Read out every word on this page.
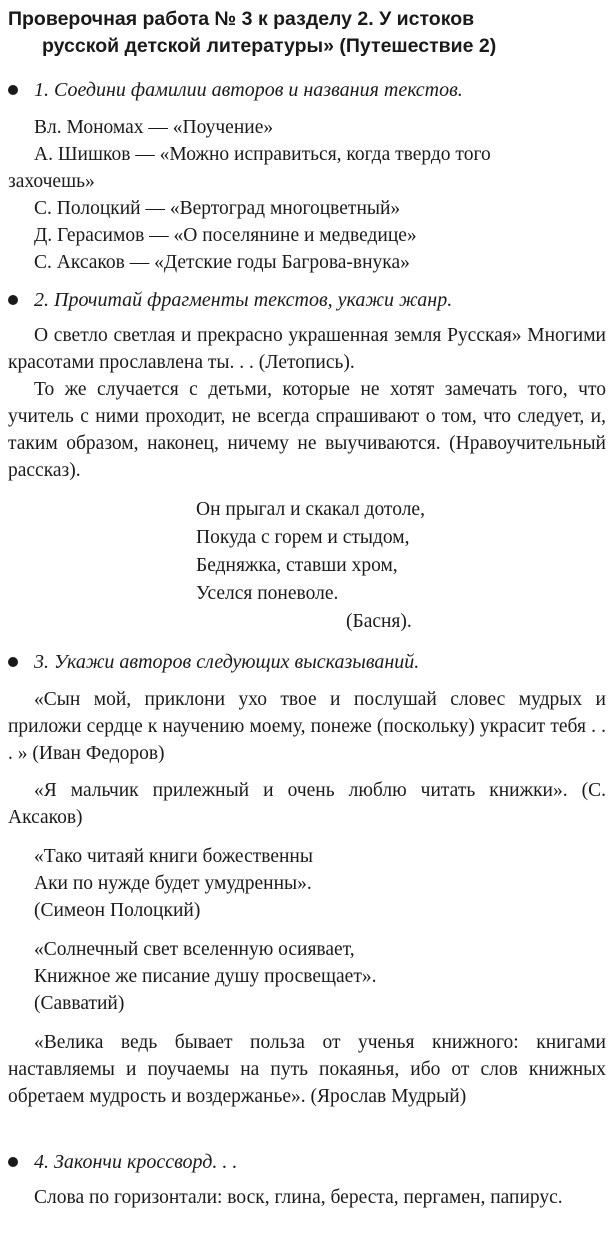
Проверочная работа № 3 к разделу 2. У истоков
русской детской литературы» (Путешествие 2)
1. Соедини фамилии авторов и названия текстов.
Вл. Мономах — «Поучение»
А. Шишков — «Можно исправиться, когда твердо того
захочешь»
С. Полоцкий — «Вертоград многоцветный»
Д. Герасимов — «О поселянине и медведице»
С. Аксаков — «Детские годы Багрова-внука»
2. Прочитай фрагменты текстов, укажи жанр.
О светло светлая и прекрасно украшенная земля Русская» Многими красотами прославлена ты. . . (Летопись).
То же случается с детьми, которые не хотят замечать того, что учитель с ними проходит, не всегда спрашивают о том, что следует, и, таким образом, наконец, ничему не выучиваются. (Нравоучительный рассказ).
Он прыгал и скакал дотоле,
Покуда с горем и стыдом,
Бедняжка, ставши хром,
Уселся поневоле.
(Басня).
3. Укажи авторов следующих высказываний.
«Сын мой, приклони ухо твое и послушай словес мудрых и приложи сердце к научению моему, понеже (поскольку) украсит тебя . . . » (Иван Федоров)
«Я мальчик прилежный и очень люблю читать книжки». (С. Аксаков)
«Тако читаяй книги божественны
Аки по нужде будет умудренны».
(Симеон Полоцкий)
«Солнечный свет вселенную осиявает,
Книжное же писание душу просвещает».
(Савватий)
«Велика ведь бывает польза от ученья книжного: книгами наставляемы и поучаемы на путь покаянья, ибо от слов книжных обретаем мудрость и воздержанье». (Ярослав Мудрый)
4. Закончи кроссворд. . .
Слова по горизонтали: воск, глина, береста, пергамен, папирус.
